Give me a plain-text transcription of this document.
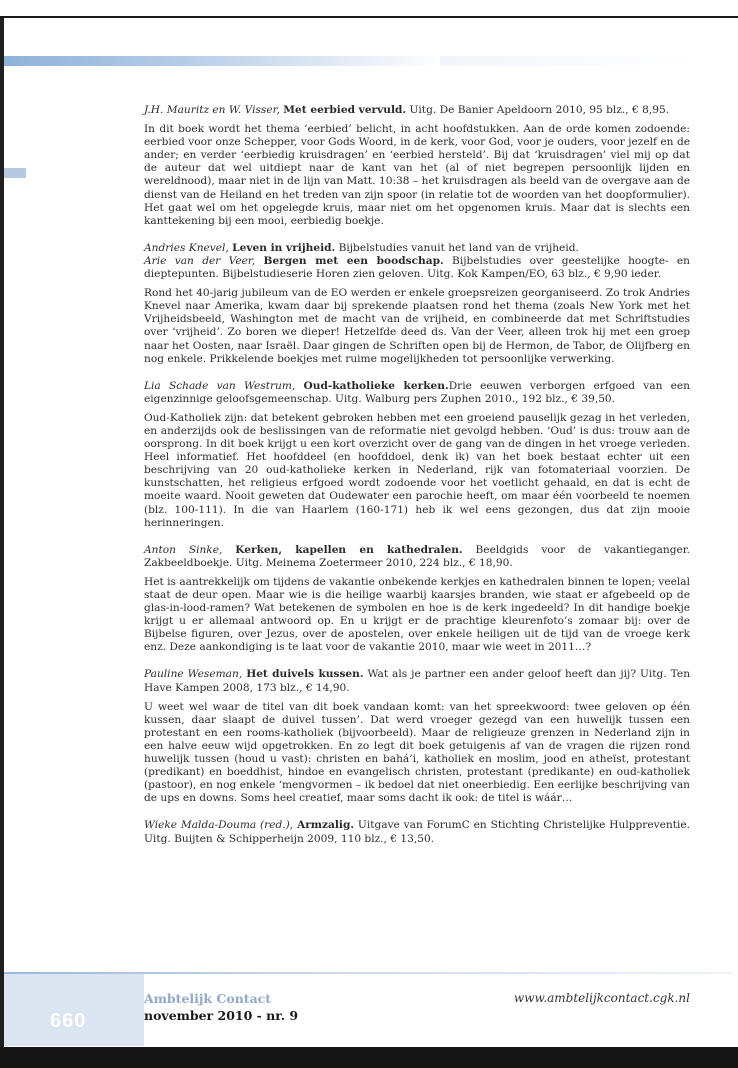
J.H. Mauritz en W. Visser, Met eerbied vervuld. Uitg. De Banier Apeldoorn 2010, 95 blz., € 8,95.

In dit boek wordt het thema ‘eerbied’ belicht, in acht hoofdstukken. Aan de orde komen zodoende: eerbied voor onze Schepper, voor Gods Woord, in de kerk, voor God, voor je ouders, voor jezelf en de ander; en verder ‘eerbiedig kruisdragen’ en ‘eerbied hersteld’. Bij dat ‘kruisdragen’ viel mij op dat de auteur dat wel uitdiept naar de kant van het (al of niet begrepen persoonlijk lijden en wereldnood), maar niet in de lijn van Matt. 10:38 – het kruisdragen als beeld van de overgave aan de dienst van de Heiland en het treden van zijn spoor (in relatie tot de woorden van het doopformulier). Het gaat wel om het opgelegde kruis, maar niet om het opgenomen kruis. Maar dat is slechts een kanttekening bij een mooi, eerbiedig boekje.

Andries Knevel, Leven in vrijheid. Bijbelstudies vanuit het land van de vrijheid.

Arie van der Veer, Bergen met een boodschap. Bijbelstudies over geestelijke hoogte- en dieptepunten. Bijbelstudieserie Horen zien geloven. Uitg. Kok Kampen/EO, 63 blz., € 9,90 ieder.

Rond het 40-jarig jubileum van de EO werden er enkele groepsreizen georganiseerd. Zo trok Andries Knevel naar Amerika, kwam daar bij sprekende plaatsen rond het thema (zoals New York met het Vrijheidsbeeld, Washington met de macht van de vrijheid, en combineerde dat met Schriftstudies over ‘vrijheid’. Zo boren we dieper! Hetzelfde deed ds. Van der Veer, alleen trok hij met een groep naar het Oosten, naar Israël. Daar gingen de Schriften open bij de Hermon, de Tabor, de Olijfberg en nog enkele. Prikkelende boekjes met ruime mogelijkheden tot persoonlijke verwerking.

Lia Schade van Westrum, Oud-katholieke kerken.Drie eeuwen verborgen erfgoed van een eigenzinnige geloofsgemeenschap. Uitg. Walburg pers Zuphen 2010., 192 blz., € 39,50.

Oud-Katholiek zijn: dat betekent gebroken hebben met een groeiend pauselijk gezag in het verleden, en anderzijds ook de beslissingen van de reformatie niet gevolgd hebben. ‘Oud’ is dus: trouw aan de oorsprong. In dit boek krijgt u een kort overzicht over de gang van de dingen in het vroege verleden. Heel informatief. Het hoofddeel (en hoofddoel, denk ik) van het boek bestaat echter uit een beschrijving van 20 oud-katholieke kerken in Nederland, rijk van fotomateriaal voorzien. De kunstschatten, het religieus erfgoed wordt zodoende voor het voetlicht gehaald, en dat is echt de moeite waard. Nooit geweten dat Oudewater een parochie heeft, om maar één voorbeeld te noemen (blz. 100-111). In die van Haarlem (160-171) heb ik wel eens gezongen, dus dat zijn mooie herinneringen.

Anton Sinke, Kerken, kapellen en kathedralen. Beeldgids voor de vakantieganger. Zakbeeldboekje. Uitg. Meinema Zoetermeer 2010, 224 blz., € 18,90.

Het is aantrekkelijk om tijdens de vakantie onbekende kerkjes en kathedralen binnen te lopen; veelal staat de deur open. Maar wie is die heilige waarbij kaarsjes branden, wie staat er afgebeeld op de glas-in-lood-ramen? Wat betekenen de symbolen en hoe is de kerk ingedeeld? In dit handige boekje krijgt u er allemaal antwoord op. En u krijgt er de prachtige kleurenfoto’s zomaar bij: over de Bijbelse figuren, over Jezus, over de apostelen, over enkele heiligen uit de tijd van de vroege kerk enz. Deze aankondiging is te laat voor de vakantie 2010, maar wie weet in 2011…?

Pauline Weseman, Het duivels kussen. Wat als je partner een ander geloof heeft dan jij? Uitg. Ten Have Kampen 2008, 173 blz., € 14,90.

U weet wel waar de titel van dit boek vandaan komt: van het spreekwoord: twee geloven op één kussen, daar slaapt de duivel tussen’. Dat werd vroeger gezegd van een huwelijk tussen een protestant en een rooms-katholiek (bijvoorbeeld). Maar de religieuze grenzen in Nederland zijn in een halve eeuw wijd opgetrokken. En zo legt dit boek getuigenis af van de vragen die rijzen rond huwelijk tussen (houd u vast): christen en bahá’i, katholiek en moslim, jood en atheïst, protestant (predikant) en boeddhist, hindoe en evangelisch christen, protestant (predikante) en oud-katholiek (pastoor), en nog enkele ‘mengvormen – ik bedoel dat niet oneerbiedig. Een eerlijke beschrijving van de ups en downs. Soms heel creatief, maar soms dacht ik ook: de titel is wáár…

Wieke Malda-Douma (red.), Armzalig. Uitgave van ForumC en Stichting Christelijke Hulppreventie. Uitg. Buijten & Schipperheijn 2009, 110 blz., € 13,50.

660
Ambtelijk Contact
november 2010 - nr. 9
www.ambtelijkcontact.cgk.nl
